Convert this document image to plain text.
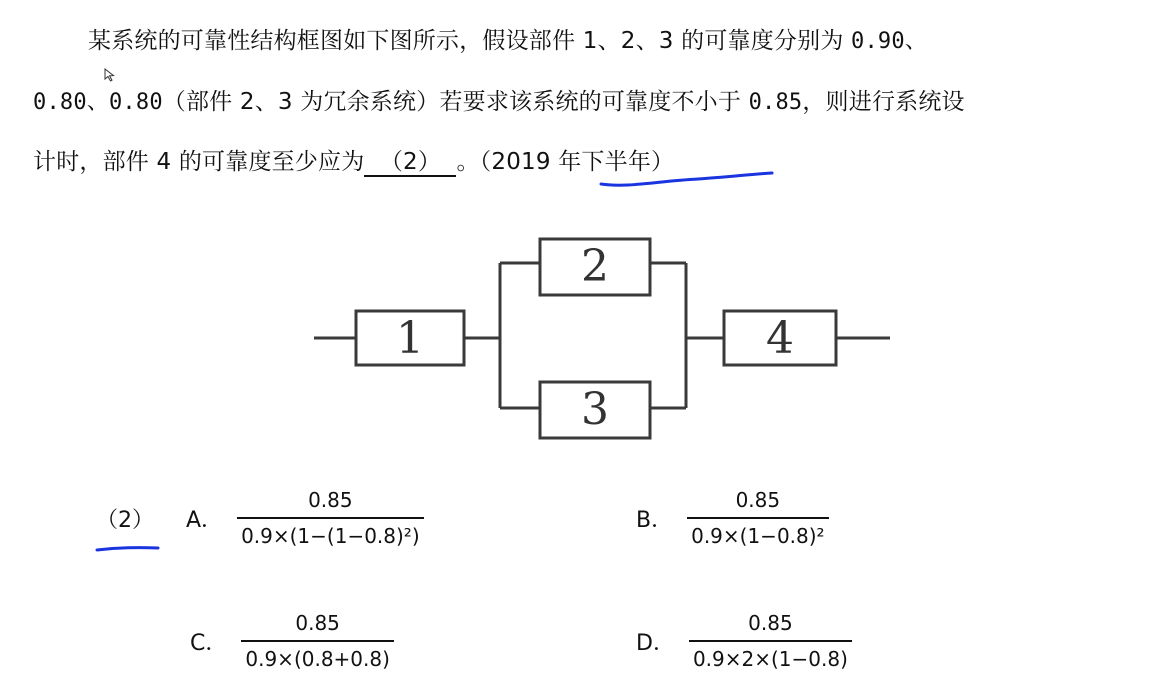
某系统的可靠性结构框图如下图所示，假设部件 1、2、3 的可靠度分别为 0.90、
0.80、0.80（部件 2、3 为冗余系统）若要求该系统的可靠度不小于 0.85，则进行系统设
计时，部件 4 的可靠度至少应为 （2） 。（2019 年下半年）
1
2
3
4
（2） A． $\frac{0.85}{\text{0.9×(1−(1−0.8)²)}}$	B． $\frac{0.85}{\text{0.9×(1−0.8)²}}$
C． $\frac{0.85}{0.9\times(0.8+0.8)}$	D． $\frac{0.85}{0.9\times 2\times(1-0.8)}$
